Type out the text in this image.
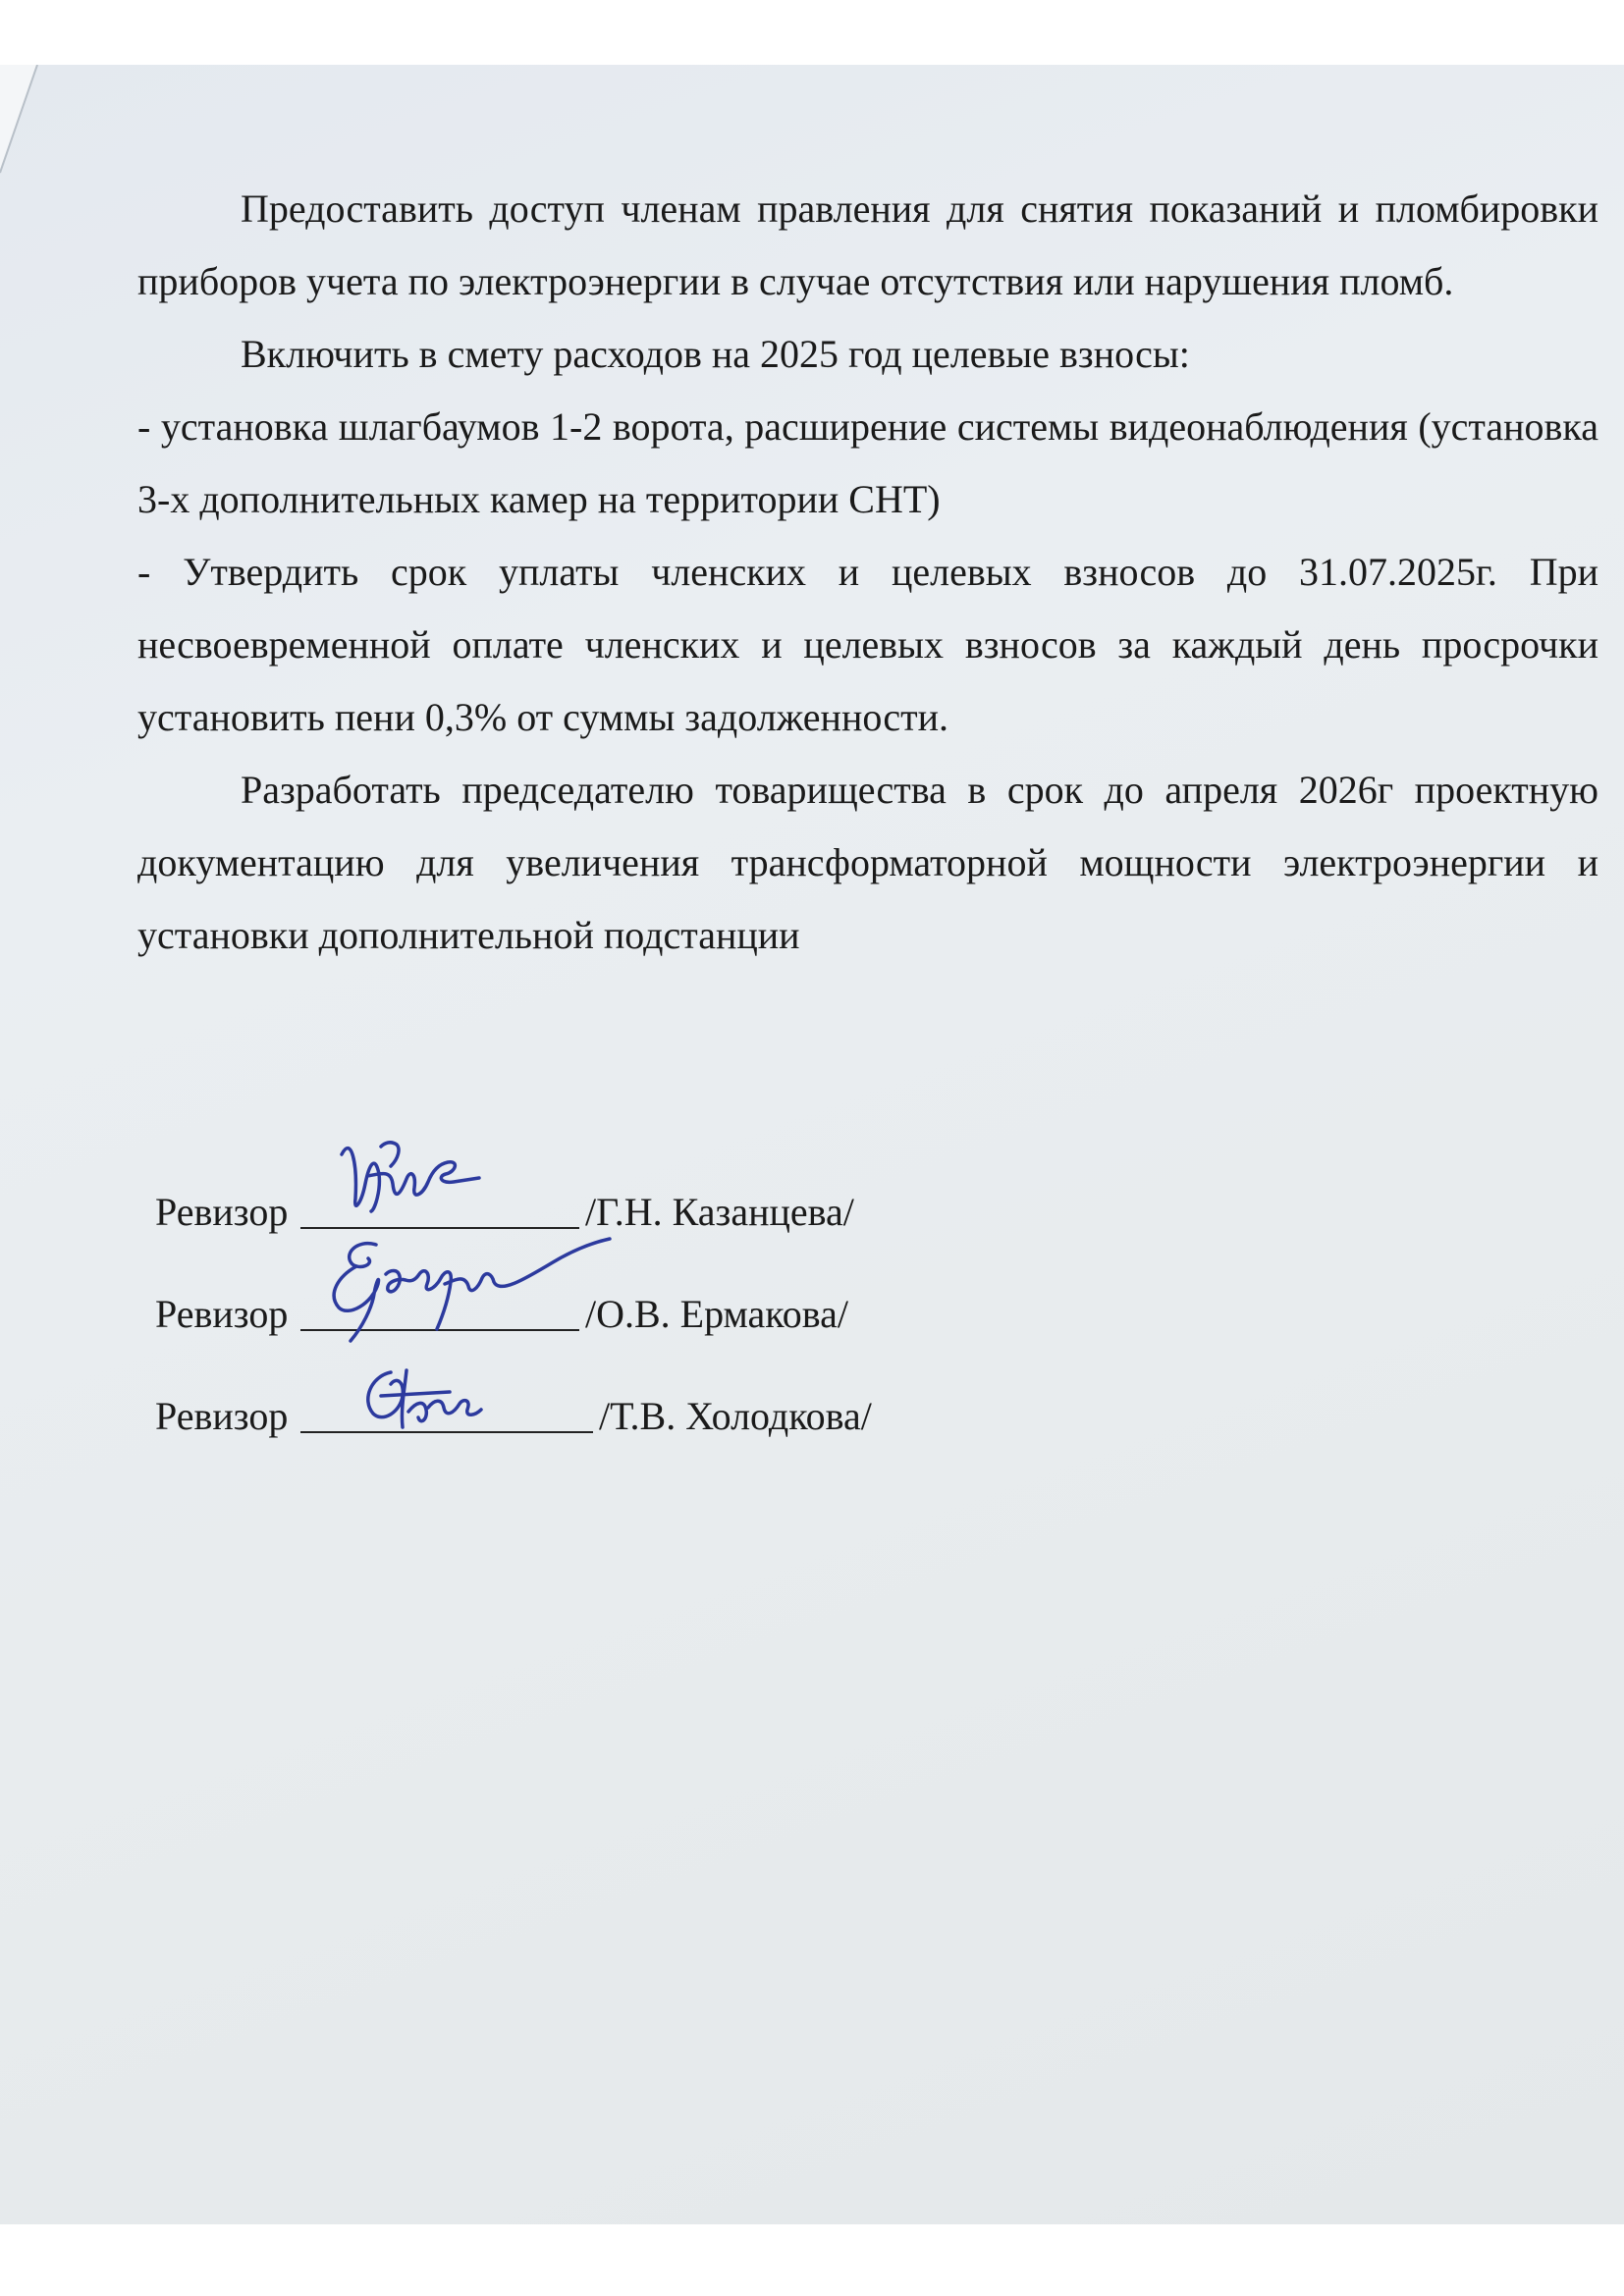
Предоставить доступ членам правления для снятия показаний и пломбировки приборов учета по электроэнергии в случае отсутствия или нарушения пломб.

Включить в смету расходов на 2025 год целевые взносы:

- установка шлагбаумов 1-2 ворота, расширение системы видеонаблюдения (установка 3-х дополнительных камер на территории СНТ)

- Утвердить срок уплаты членских и целевых взносов до 31.07.2025г. При несвоевременной оплате членских и целевых взносов за каждый день просрочки установить пени 0,3% от суммы задолженности.

Разработать председателю товарищества в срок до апреля 2026г проектную документацию для увеличения трансформаторной мощности электроэнергии и установки дополнительной подстанции

Ревизор	/Г.Н. Казанцева/
Ревизор	/О.В. Ермакова/
Ревизор	/Т.В. Холодкова/
